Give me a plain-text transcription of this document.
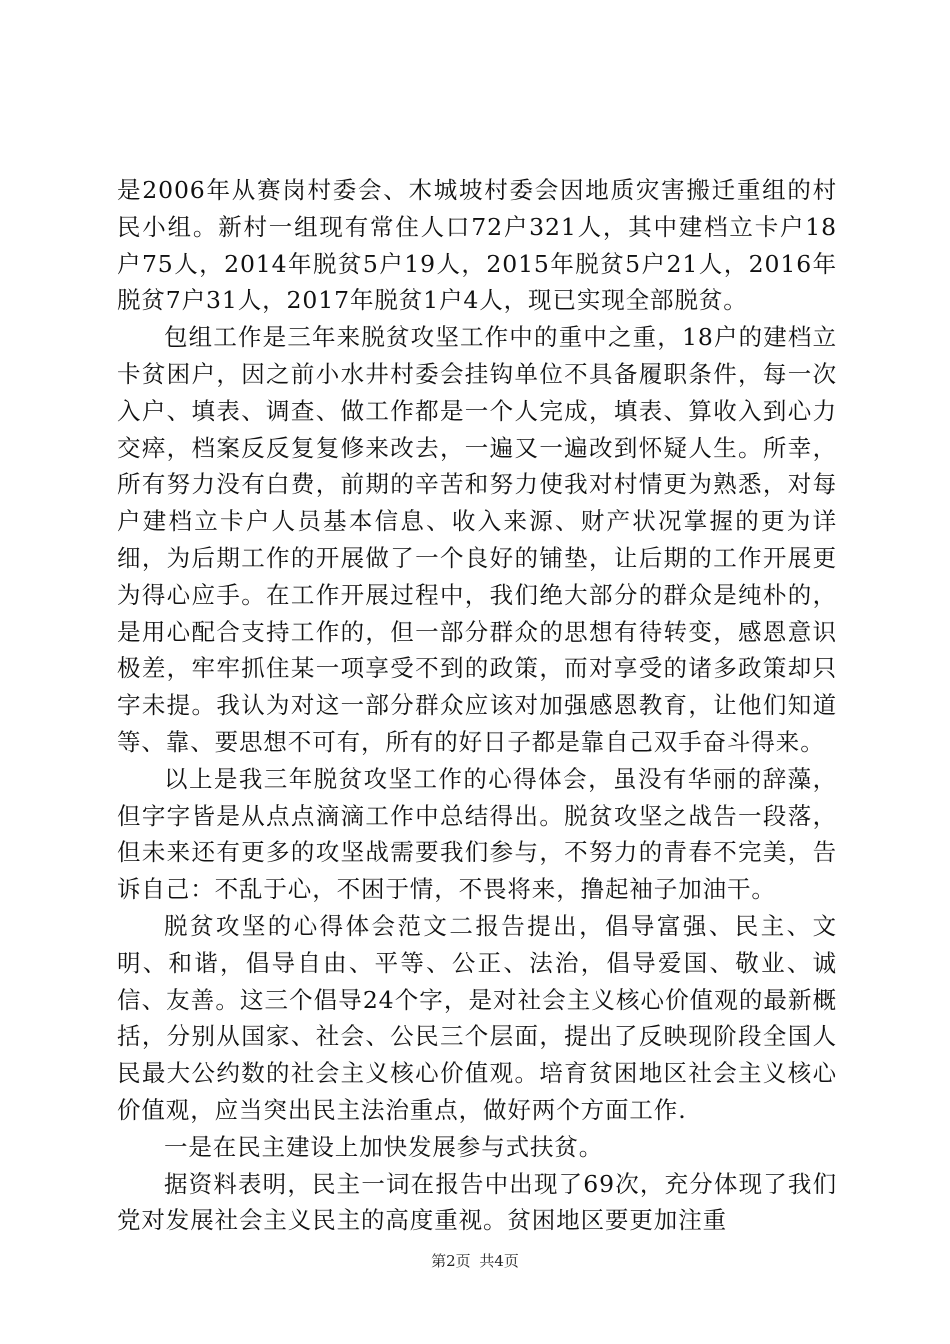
是2006年从赛岗村委会、木城坡村委会因地质灾害搬迁重组的村民小组。新村一组现有常住人口72户321人，其中建档立卡户18户75人，2014年脱贫5户19人，2015年脱贫5户21人，2016年脱贫7户31人，2017年脱贫1户4人，现已实现全部脱贫。

包组工作是三年来脱贫攻坚工作中的重中之重，18户的建档立卡贫困户，因之前小水井村委会挂钩单位不具备履职条件，每一次入户、填表、调查、做工作都是一个人完成，填表、算收入到心力交瘁，档案反反复复修来改去，一遍又一遍改到怀疑人生。所幸，所有努力没有白费，前期的辛苦和努力使我对村情更为熟悉，对每户建档立卡户人员基本信息、收入来源、财产状况掌握的更为详细，为后期工作的开展做了一个良好的铺垫，让后期的工作开展更为得心应手。在工作开展过程中，我们绝大部分的群众是纯朴的，是用心配合支持工作的，但一部分群众的思想有待转变，感恩意识极差，牢牢抓住某一项享受不到的政策，而对享受的诸多政策却只字未提。我认为对这一部分群众应该对加强感恩教育，让他们知道等、靠、要思想不可有，所有的好日子都是靠自己双手奋斗得来。

以上是我三年脱贫攻坚工作的心得体会，虽没有华丽的辞藻，但字字皆是从点点滴滴工作中总结得出。脱贫攻坚之战告一段落，但未来还有更多的攻坚战需要我们参与，不努力的青春不完美，告诉自己：不乱于心，不困于情，不畏将来，撸起袖子加油干。

脱贫攻坚的心得体会范文二报告提出，倡导富强、民主、文明、和谐，倡导自由、平等、公正、法治，倡导爱国、敬业、诚信、友善。这三个倡导24个字，是对社会主义核心价值观的最新概括，分别从国家、社会、公民三个层面，提出了反映现阶段全国人民最大公约数的社会主义核心价值观。培育贫困地区社会主义核心价值观，应当突出民主法治重点，做好两个方面工作.

一是在民主建设上加快发展参与式扶贫。

据资料表明，民主一词在报告中出现了69次，充分体现了我们党对发展社会主义民主的高度重视。贫困地区要更加注重

第2页 共4页
